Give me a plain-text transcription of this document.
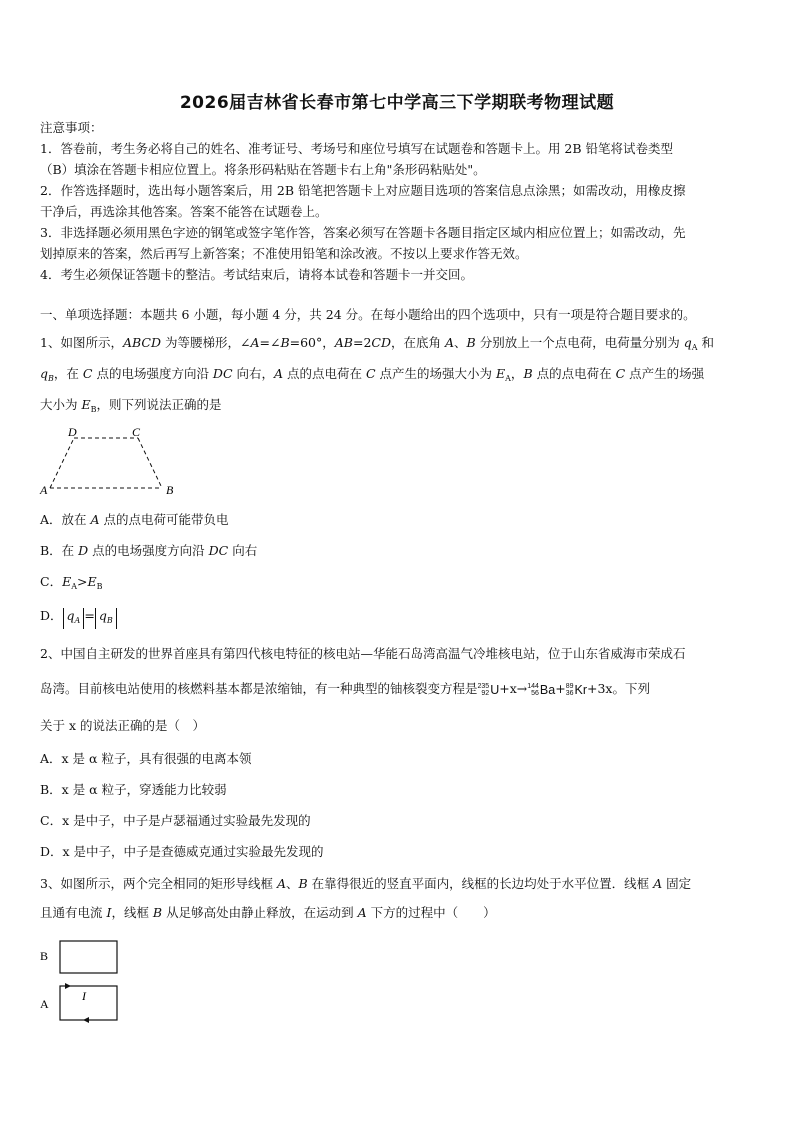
2026届吉林省长春市第七中学高三下学期联考物理试题
注意事项：
1．答卷前，考生务必将自己的姓名、准考证号、考场号和座位号填写在试题卷和答题卡上。用 2B 铅笔将试卷类型
（B）填涂在答题卡相应位置上。将条形码粘贴在答题卡右上角"条形码粘贴处"。
2．作答选择题时，选出每小题答案后，用 2B 铅笔把答题卡上对应题目选项的答案信息点涂黑；如需改动，用橡皮擦
干净后，再选涂其他答案。答案不能答在试题卷上。
3．非选择题必须用黑色字迹的钢笔或签字笔作答，答案必须写在答题卡各题目指定区域内相应位置上；如需改动，先
划掉原来的答案，然后再写上新答案；不准使用铅笔和涂改液。不按以上要求作答无效。
4．考生必须保证答题卡的整洁。考试结束后，请将本试卷和答题卡一并交回。
一、单项选择题：本题共 6 小题，每小题 4 分，共 24 分。在每小题给出的四个选项中，只有一项是符合题目要求的。
1、如图所示，ABCD 为等腰梯形，∠A=∠B=60°，AB=2CD，在底角 A、B 分别放上一个点电荷，电荷量分别为 $q_A$ 和
$q_B$，在 C 点的电场强度方向沿 DC 向右，A 点的点电荷在 C 点产生的场强大小为 $E_A$，B 点的点电荷在 C 点产生的场强
大小为 $E_B$，则下列说法正确的是
A	B
C
D
A．放在 A 点的点电荷可能带负电
B．在 D 点的电场强度方向沿 DC 向右
C．$E_A>E_B$
D． $q_A = q_B$
2、中国自主研发的世界首座具有第四代核电特征的核电站—华能石岛湾高温气冷堆核电站，位于山东省威海市荣成石
岛湾。目前核电站使用的核燃料基本都是浓缩铀，有一种典型的铀核裂变方程是 235
92 U +x→ 144
56 Ba + 89
36 Kr +3x。下列
关于 x 的说法正确的是（　）
A．x 是 α 粒子，具有很强的电离本领
B．x 是 α 粒子，穿透能力比较弱
C．x 是中子，中子是卢瑟福通过实验最先发现的
D．x 是中子，中子是查德威克通过实验最先发现的
3、如图所示，两个完全相同的矩形导线框 A、B 在靠得很近的竖直平面内，线框的长边均处于水平位置．线框 A 固定
且通有电流 I，线框 B 从足够高处由静止释放，在运动到 A 下方的过程中（　　）
B
A
I
